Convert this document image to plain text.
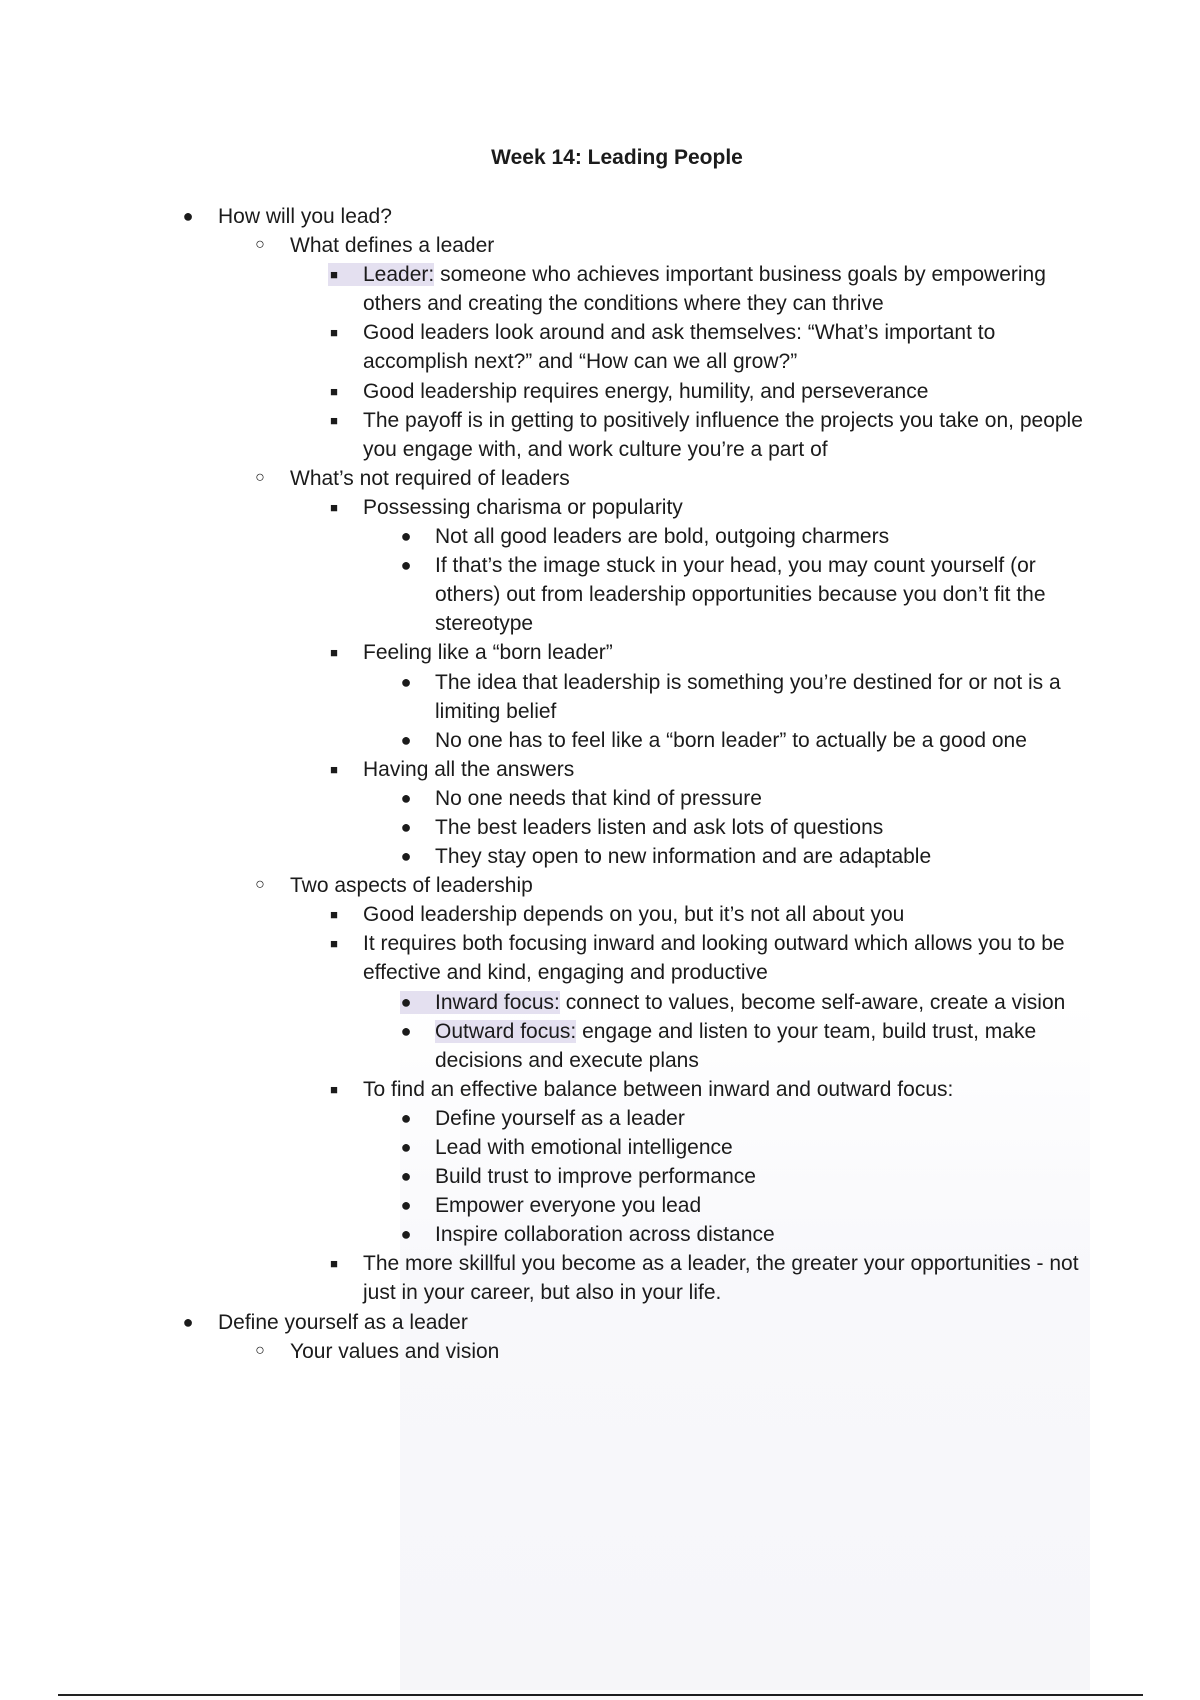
Week 14: Leading People
● How will you lead?
○ What defines a leader
■ Leader: someone who achieves important business goals by empowering others and creating the conditions where they can thrive
■ Good leaders look around and ask themselves: “What’s important to accomplish next?” and “How can we all grow?”
■ Good leadership requires energy, humility, and perseverance
■ The payoff is in getting to positively influence the projects you take on, people you engage with, and work culture you’re a part of
○ What’s not required of leaders
■ Possessing charisma or popularity
● Not all good leaders are bold, outgoing charmers
● If that’s the image stuck in your head, you may count yourself (or others) out from leadership opportunities because you don’t fit the stereotype
■ Feeling like a “born leader”
● The idea that leadership is something you’re destined for or not is a limiting belief
● No one has to feel like a “born leader” to actually be a good one
■ Having all the answers
● No one needs that kind of pressure
● The best leaders listen and ask lots of questions
● They stay open to new information and are adaptable
○ Two aspects of leadership
■ Good leadership depends on you, but it’s not all about you
■ It requires both focusing inward and looking outward which allows you to be effective and kind, engaging and productive
● Inward focus: connect to values, become self-aware, create a vision
● Outward focus: engage and listen to your team, build trust, make decisions and execute plans
■ To find an effective balance between inward and outward focus:
● Define yourself as a leader
● Lead with emotional intelligence
● Build trust to improve performance
● Empower everyone you lead
● Inspire collaboration across distance
■ The more skillful you become as a leader, the greater your opportunities - not just in your career, but also in your life.
● Define yourself as a leader
○ Your values and vision
